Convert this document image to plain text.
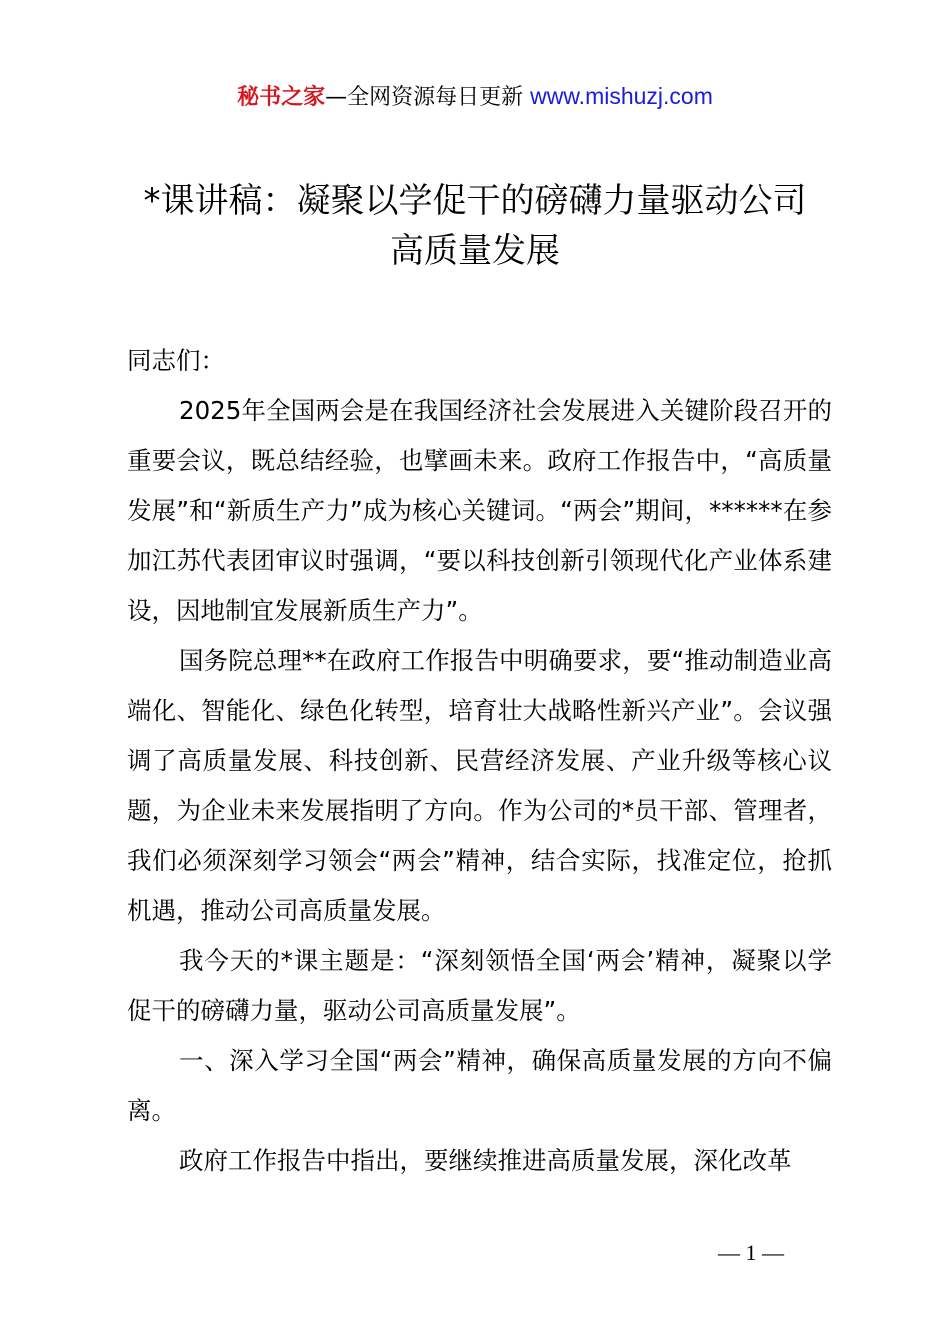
秘书之家—全网资源每日更新 www.mishuzj.com
*课讲稿：凝聚以学促干的磅礴力量驱动公司
高质量发展

同志们：

2025年全国两会是在我国经济社会发展进入关键阶段召开的重要会议，既总结经验，也擘画未来。政府工作报告中，“高质量发展”和“新质生产力”成为核心关键词。“两会”期间，******在参加江苏代表团审议时强调，“要以科技创新引领现代化产业体系建设，因地制宜发展新质生产力”。

国务院总理**在政府工作报告中明确要求，要“推动制造业高端化、智能化、绿色化转型，培育壮大战略性新兴产业”。会议强调了高质量发展、科技创新、民营经济发展、产业升级等核心议题，为企业未来发展指明了方向。作为公司的*员干部、管理者，我们必须深刻学习领会“两会”精神，结合实际，找准定位，抢抓机遇，推动公司高质量发展。

我今天的*课主题是：“深刻领悟全国‘两会’精神，凝聚以学促干的磅礴力量，驱动公司高质量发展”。

一、深入学习全国“两会”精神，确保高质量发展的方向不偏离。

政府工作报告中指出，要继续推进高质量发展，深化改革

— 1 —
